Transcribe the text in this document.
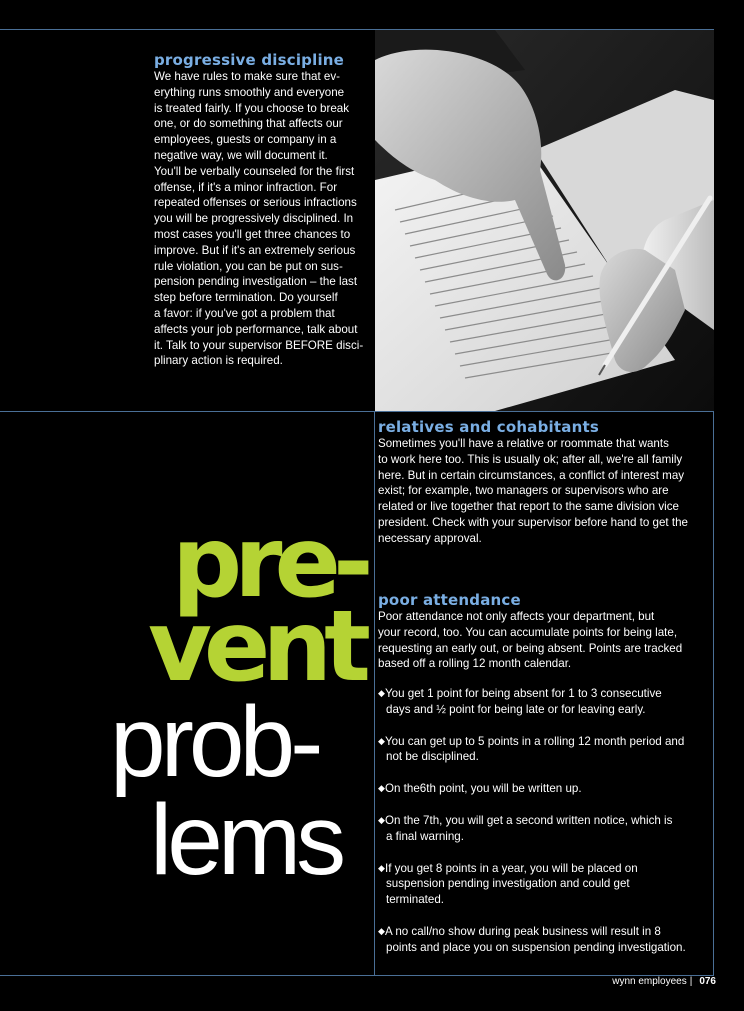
progressive discipline
We have rules to make sure that ev-
erything runs smoothly and everyone
is treated fairly. If you choose to break
one, or do something that affects our
employees, guests or company in a
negative way, we will document it.
You'll be verbally counseled for the first
offense, if it's a minor infraction. For
repeated offenses or serious infractions
you will be progressively disciplined. In
most cases you'll get three chances to
improve. But if it's an extremely serious
rule violation, you can be put on sus-
pension pending investigation – the last
step before termination. Do yourself
a favor: if you've got a problem that
affects your job performance, talk about
it. Talk to your supervisor BEFORE disci-
plinary action is required.
relatives and cohabitants
Sometimes you'll have a relative or roommate that wants
to work here too. This is usually ok; after all, we're all family
here. But in certain circumstances, a conflict of interest may
exist; for example, two managers or supervisors who are
related or live together that report to the same division vice
president. Check with your supervisor before hand to get the
necessary approval.
poor attendance
Poor attendance not only affects your department, but
your record, too. You can accumulate points for being late,
requesting an early out, or being absent. Points are tracked
based off a rolling 12 month calendar.
◆You get 1 point for being absent for 1 to 3 consecutive
days and ½ point for being late or for leaving early.
◆You can get up to 5 points in a rolling 12 month period and
not be disciplined.
◆On the6th point, you will be written up.
◆On the 7th, you will get a second written notice, which is
a final warning.
◆If you get 8 points in a year, you will be placed on
suspension pending investigation and could get
terminated.
◆A no call/no show during peak business will result in 8
points and place you on suspension pending investigation.
pre-
vent
prob-
lems
wynn employees | 076
